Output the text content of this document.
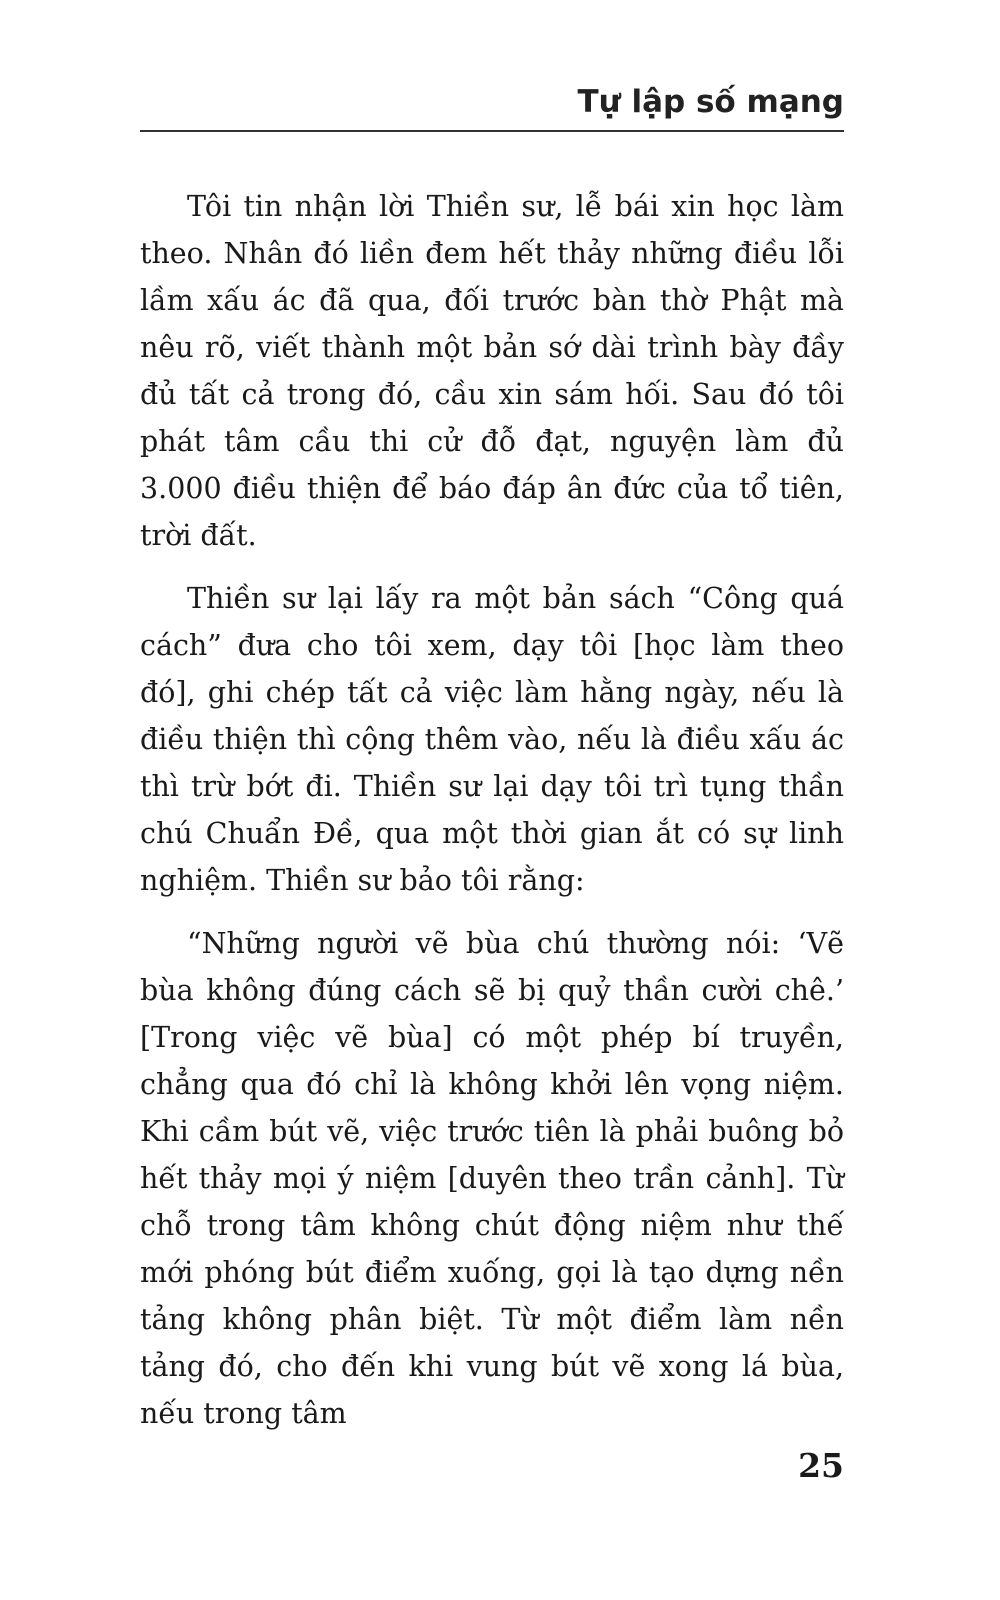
Tự lập số mạng

Tôi tin nhận lời Thiền sư, lễ bái xin học làm theo. Nhân đó liền đem hết thảy những điều lỗi lầm xấu ác đã qua, đối trước bàn thờ Phật mà nêu rõ, viết thành một bản sớ dài trình bày đầy đủ tất cả trong đó, cầu xin sám hối. Sau đó tôi phát tâm cầu thi cử đỗ đạt, nguyện làm đủ 3.000 điều thiện để báo đáp ân đức của tổ tiên, trời đất.

Thiền sư lại lấy ra một bản sách “Công quá cách” đưa cho tôi xem, dạy tôi [học làm theo đó], ghi chép tất cả việc làm hằng ngày, nếu là điều thiện thì cộng thêm vào, nếu là điều xấu ác thì trừ bớt đi. Thiền sư lại dạy tôi trì tụng thần chú Chuẩn Đề, qua một thời gian ắt có sự linh nghiệm. Thiền sư bảo tôi rằng:

“Những người vẽ bùa chú thường nói: ‘Vẽ bùa không đúng cách sẽ bị quỷ thần cười chê.’ [Trong việc vẽ bùa] có một phép bí truyền, chẳng qua đó chỉ là không khởi lên vọng niệm. Khi cầm bút vẽ, việc trước tiên là phải buông bỏ hết thảy mọi ý niệm [duyên theo trần cảnh]. Từ chỗ trong tâm không chút động niệm như thế mới phóng bút điểm xuống, gọi là tạo dựng nền tảng không phân biệt. Từ một điểm làm nền tảng đó, cho đến khi vung bút vẽ xong lá bùa, nếu trong tâm

25
